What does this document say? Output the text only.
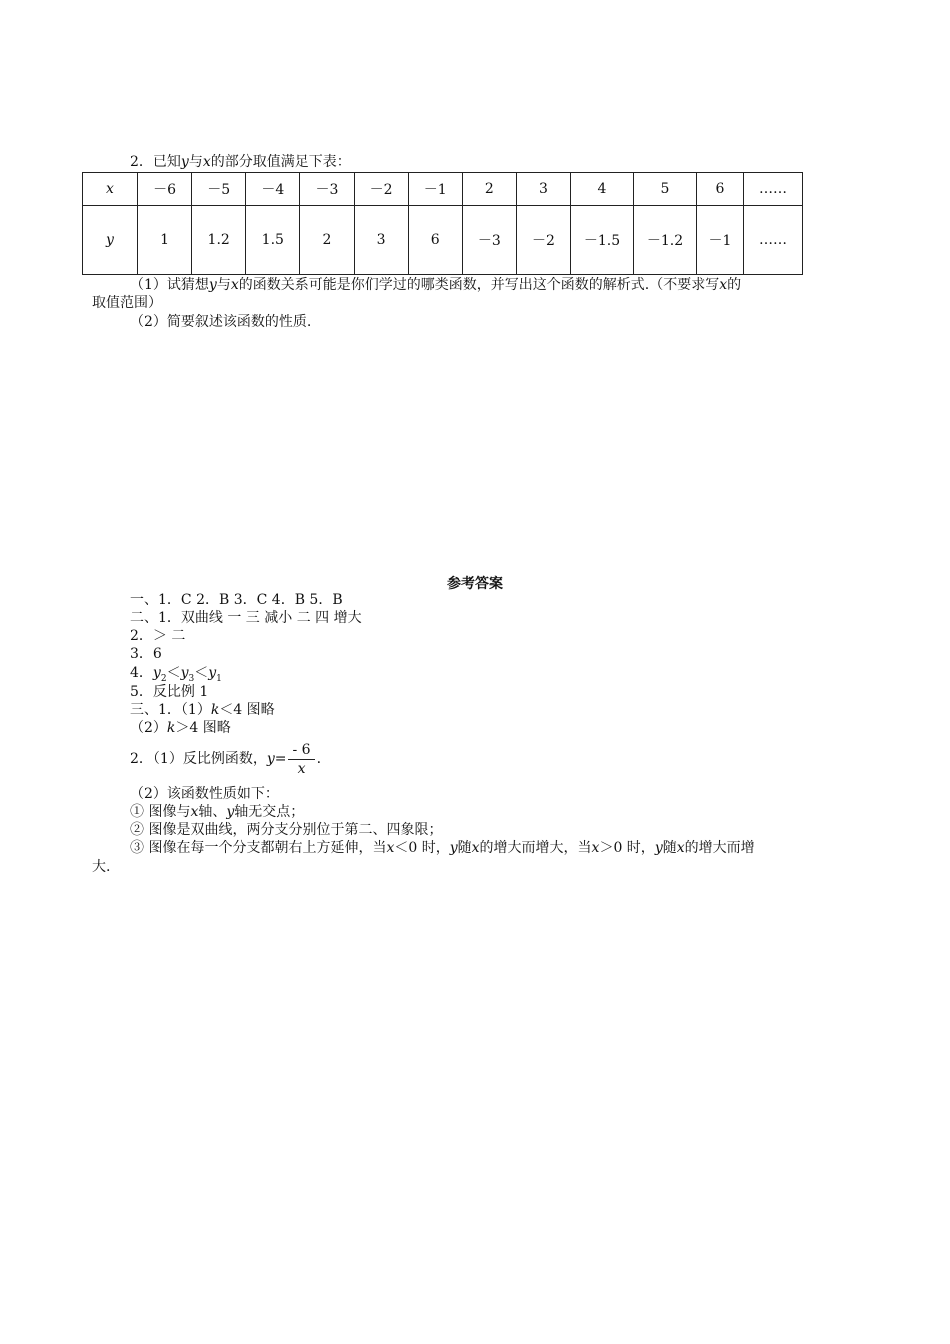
2．已知y与x的部分取值满足下表：
x	－6	－5	－4	－3	－2	－1	2	3	4	5	6	……
y	1	1.2	1.5	2	3	6	－3	－2	－1.5	－1.2	－1	……
（1）试猜想y与x的函数关系可能是你们学过的哪类函数，并写出这个函数的解析式.（不要求写x的
取值范围）
（2）简要叙述该函数的性质.
参考答案
一、1．C 2．B 3．C 4．B 5．B
二、1．双曲线 一 三 减小 二 四 增大
2．＞ 二
3．6
4．$y_2<y_3<y_1$
5．反比例 1
三、1．（1）k＜4 图略
（2）k＞4 图略
2．（1）反比例函数，$y= \frac{- 6}{x}$ .
（2）该函数性质如下：
① 图像与x轴、y轴无交点；
② 图像是双曲线，两分支分别位于第二、四象限；
③ 图像在每一个分支都朝右上方延伸，当x＜0 时，y随x的增大而增大，当x＞0 时，y随x的增大而增
大.
